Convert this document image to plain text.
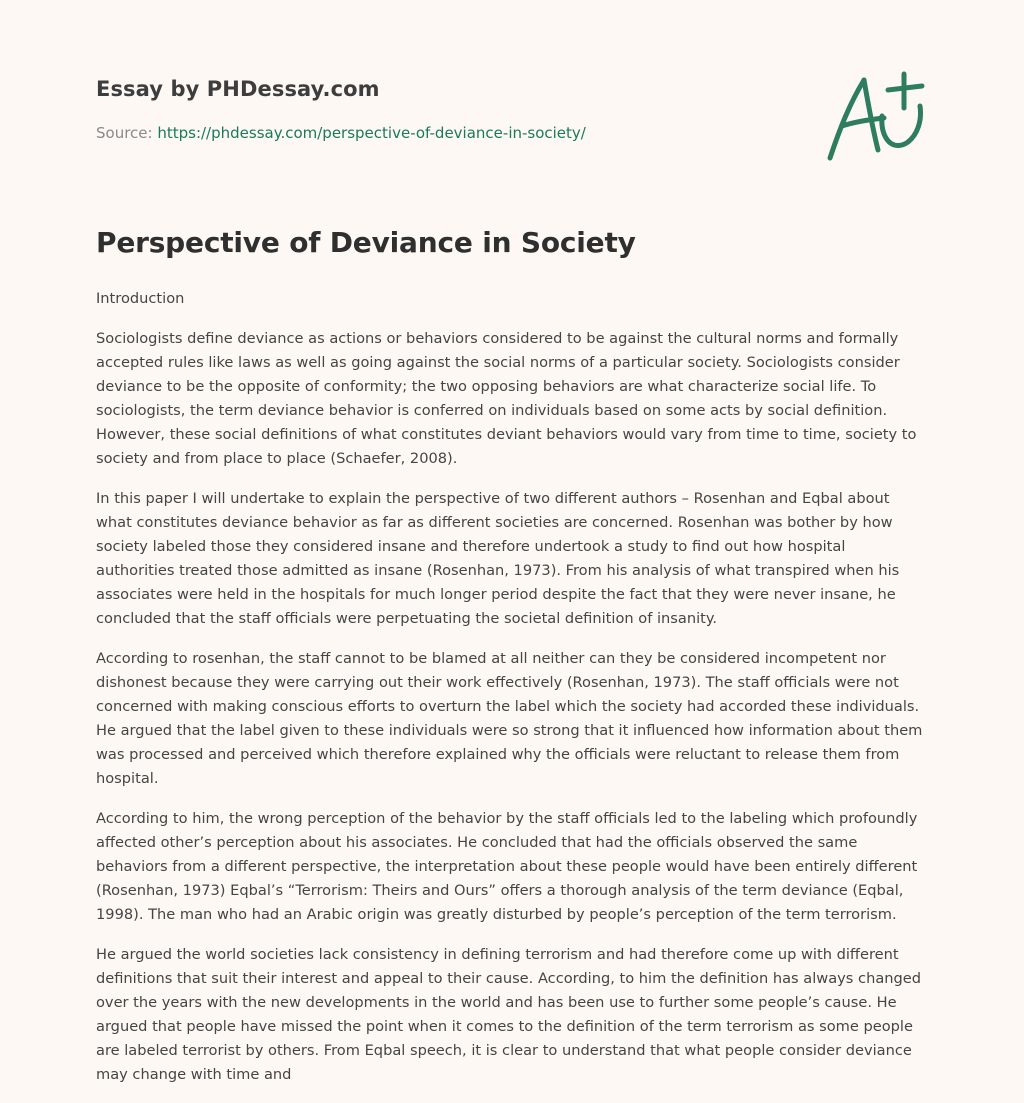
Essay by PHDessay.com
Source: https://phdessay.com/perspective-of-deviance-in-society/
Perspective of Deviance in Society

Introduction

Sociologists define deviance as actions or behaviors considered to be against the cultural norms and formally accepted rules like laws as well as going against the social norms of a particular society. Sociologists consider deviance to be the opposite of conformity; the two opposing behaviors are what characterize social life. To sociologists, the term deviance behavior is conferred on individuals based on some acts by social definition. However, these social definitions of what constitutes deviant behaviors would vary from time to time, society to society and from place to place (Schaefer, 2008).

In this paper I will undertake to explain the perspective of two different authors – Rosenhan and Eqbal about what constitutes deviance behavior as far as different societies are concerned. Rosenhan was bother by how society labeled those they considered insane and therefore undertook a study to find out how hospital authorities treated those admitted as insane (Rosenhan, 1973). From his analysis of what transpired when his associates were held in the hospitals for much longer period despite the fact that they were never insane, he concluded that the staff officials were perpetuating the societal definition of insanity.

According to rosenhan, the staff cannot to be blamed at all neither can they be considered incompetent nor dishonest because they were carrying out their work effectively (Rosenhan, 1973). The staff officials were not concerned with making conscious efforts to overturn the label which the society had accorded these individuals. He argued that the label given to these individuals were so strong that it influenced how information about them was processed and perceived which therefore explained why the officials were reluctant to release them from hospital.

According to him, the wrong perception of the behavior by the staff officials led to the labeling which profoundly affected other’s perception about his associates. He concluded that had the officials observed the same behaviors from a different perspective, the interpretation about these people would have been entirely different (Rosenhan, 1973) Eqbal’s “Terrorism: Theirs and Ours” offers a thorough analysis of the term deviance (Eqbal, 1998). The man who had an Arabic origin was greatly disturbed by people’s perception of the term terrorism.

He argued the world societies lack consistency in defining terrorism and had therefore come up with different definitions that suit their interest and appeal to their cause. According, to him the definition has always changed over the years with the new developments in the world and has been use to further some people’s cause. He argued that people have missed the point when it comes to the definition of the term terrorism as some people are labeled terrorist by others. From Eqbal speech, it is clear to understand that what people consider deviance may change with time and
